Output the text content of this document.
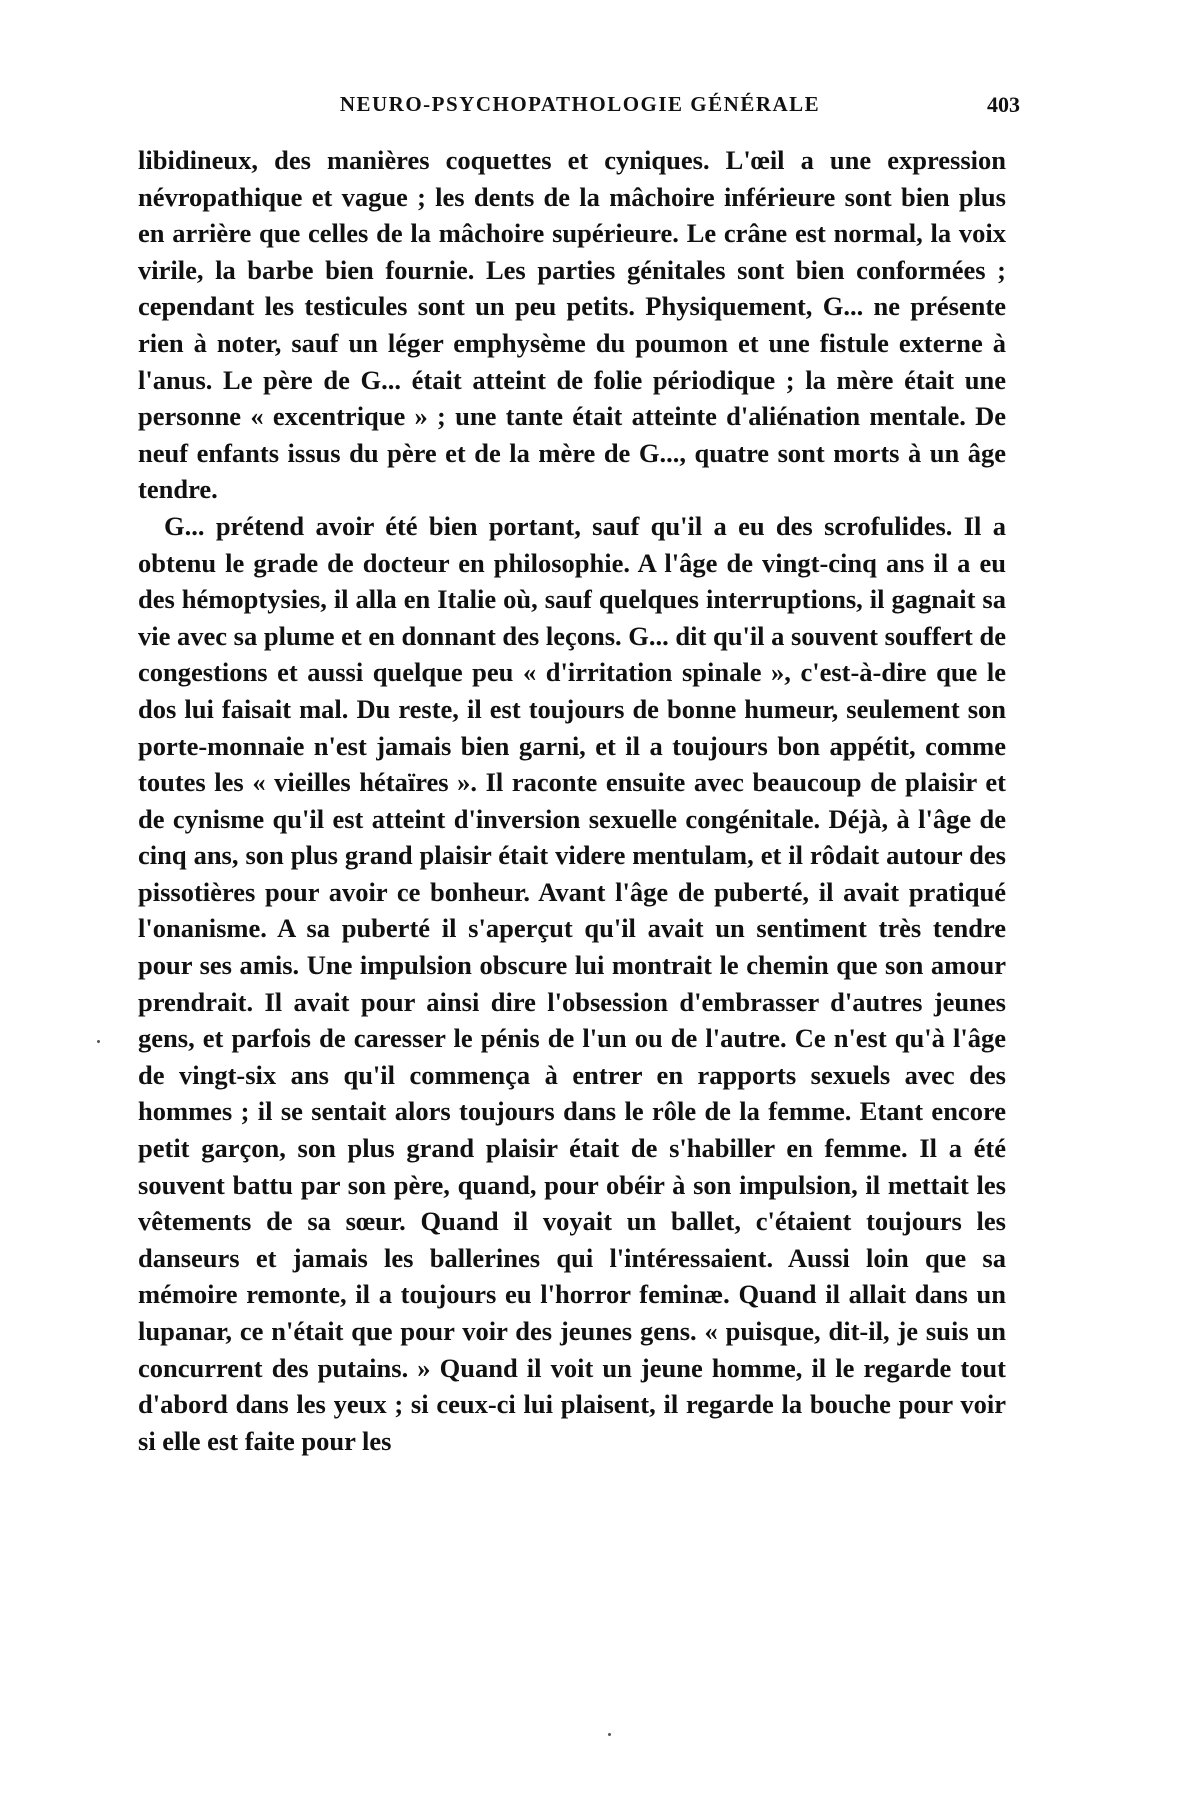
NEURO-PSYCHOPATHOLOGIE GÉNÉRALE	403

libidineux, des manières coquettes et cyniques. L'œil a une expression névropathique et vague ; les dents de la mâchoire inférieure sont bien plus en arrière que celles de la mâchoire supérieure. Le crâne est normal, la voix virile, la barbe bien fournie. Les parties génitales sont bien conformées ; cependant les testicules sont un peu petits. Physiquement, G... ne présente rien à noter, sauf un léger emphysème du poumon et une fistule externe à l'anus. Le père de G... était atteint de folie périodique ; la mère était une personne « excentrique » ; une tante était atteinte d'aliénation mentale. De neuf enfants issus du père et de la mère de G..., quatre sont morts à un âge tendre.

G... prétend avoir été bien portant, sauf qu'il a eu des scrofulides. Il a obtenu le grade de docteur en philosophie. A l'âge de vingt-cinq ans il a eu des hémoptysies, il alla en Italie où, sauf quelques interruptions, il gagnait sa vie avec sa plume et en donnant des leçons. G... dit qu'il a souvent souffert de congestions et aussi quelque peu « d'irritation spinale », c'est-à-dire que le dos lui faisait mal. Du reste, il est toujours de bonne humeur, seulement son porte-monnaie n'est jamais bien garni, et il a toujours bon appétit, comme toutes les « vieilles hétaïres ». Il raconte ensuite avec beaucoup de plaisir et de cynisme qu'il est atteint d'inversion sexuelle congénitale. Déjà, à l'âge de cinq ans, son plus grand plaisir était videre mentulam, et il rôdait autour des pissotières pour avoir ce bonheur. Avant l'âge de puberté, il avait pratiqué l'onanisme. A sa puberté il s'aperçut qu'il avait un sentiment très tendre pour ses amis. Une impulsion obscure lui montrait le chemin que son amour prendrait. Il avait pour ainsi dire l'obsession d'embrasser d'autres jeunes gens, et parfois de caresser le pénis de l'un ou de l'autre. Ce n'est qu'à l'âge de vingt-six ans qu'il commença à entrer en rapports sexuels avec des hommes ; il se sentait alors toujours dans le rôle de la femme. Etant encore petit garçon, son plus grand plaisir était de s'habiller en femme. Il a été souvent battu par son père, quand, pour obéir à son impulsion, il mettait les vêtements de sa sœur. Quand il voyait un ballet, c'étaient toujours les danseurs et jamais les ballerines qui l'intéressaient. Aussi loin que sa mémoire remonte, il a toujours eu l'horror feminæ. Quand il allait dans un lupanar, ce n'était que pour voir des jeunes gens. « puisque, dit-il, je suis un concurrent des putains. » Quand il voit un jeune homme, il le regarde tout d'abord dans les yeux ; si ceux-ci lui plaisent, il regarde la bouche pour voir si elle est faite pour les
